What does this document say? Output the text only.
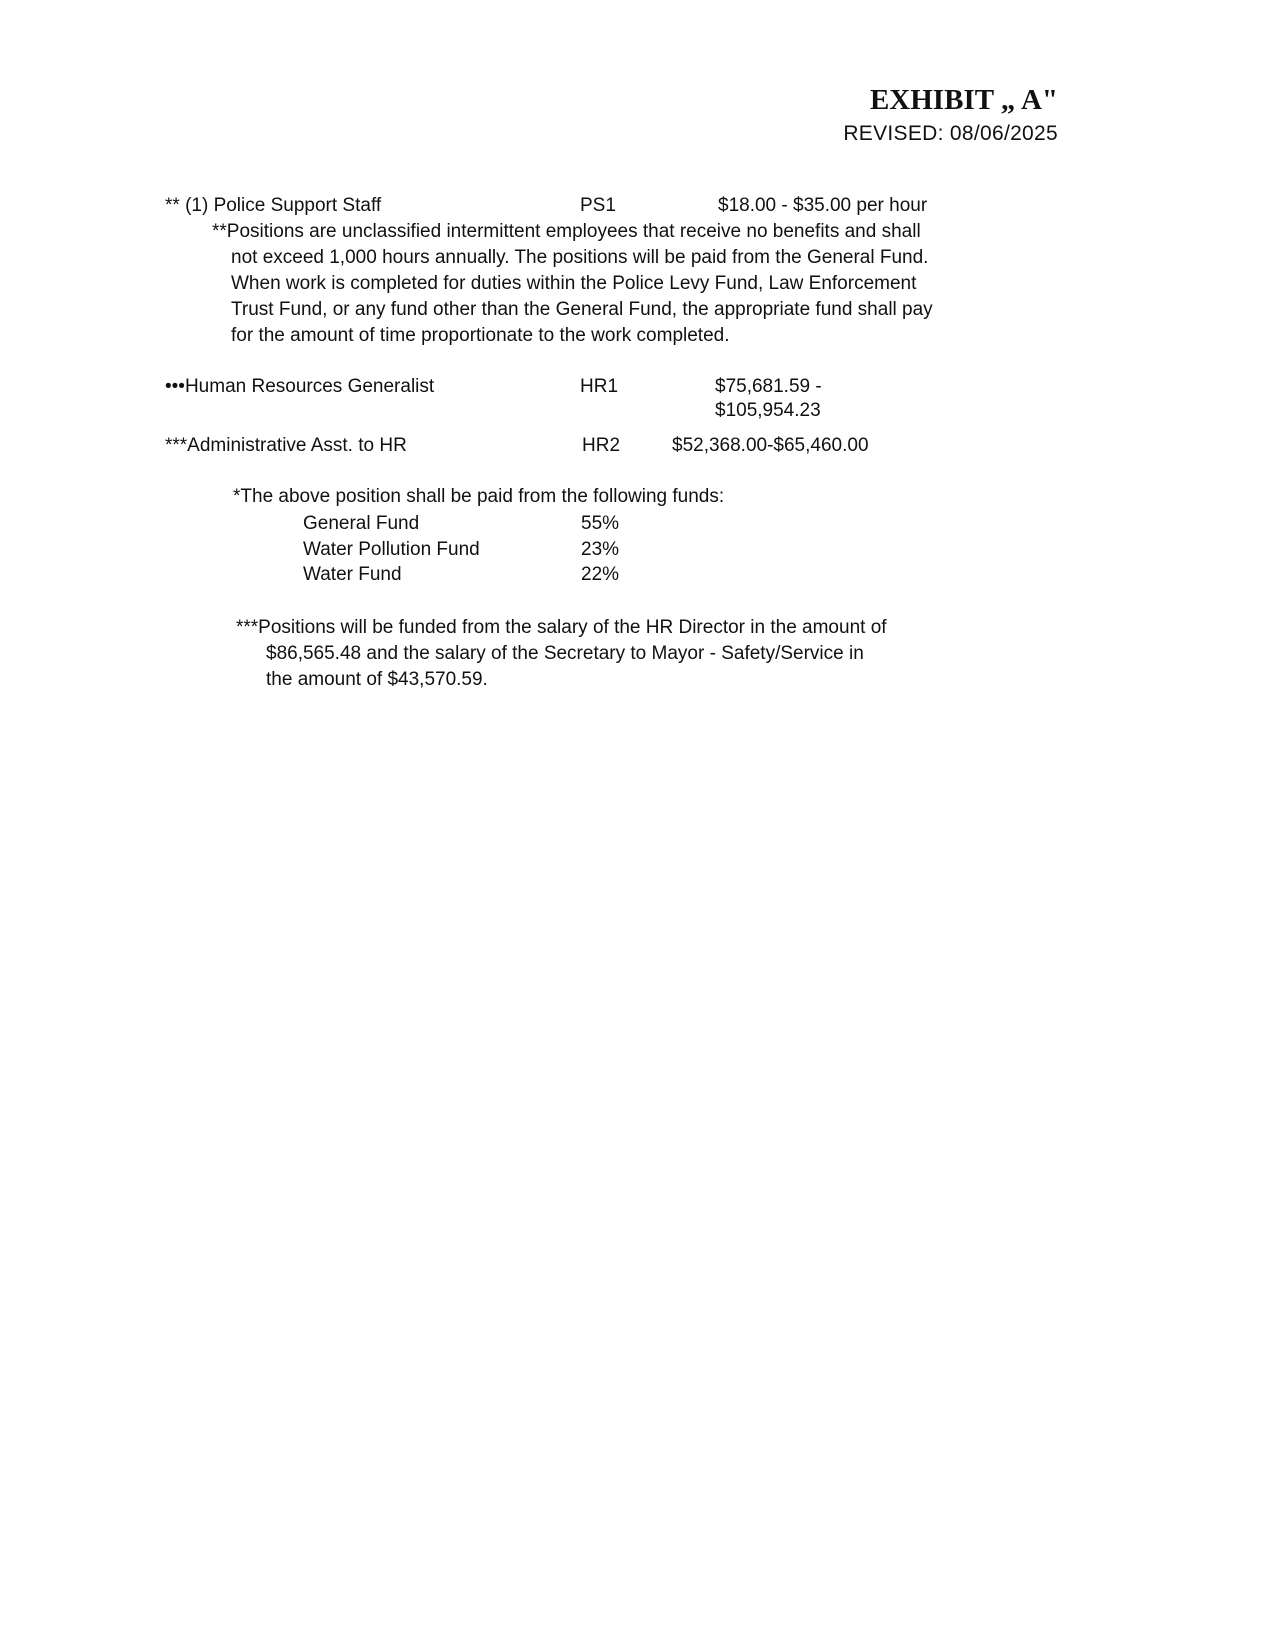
EXHIBIT „ A"
REVISED: 08/06/2025
** (1) Police Support Staff	PS1	$18.00 - $35.00 per hour
**Positions are unclassified intermittent employees that receive no benefits and shall
not exceed 1,000 hours annually. The positions will be paid from the General Fund.
When work is completed for duties within the Police Levy Fund, Law Enforcement
Trust Fund, or any fund other than the General Fund, the appropriate fund shall pay
for the amount of time proportionate to the work completed.
•••Human Resources Generalist	HR1	$75,681.59 -
$105,954.23
***Administrative Asst. to HR	HR2	$52,368.00-$65,460.00
*The above position shall be paid from the following funds:
General Fund	55%
Water Pollution Fund	23%
Water Fund	22%
***Positions will be funded from the salary of the HR Director in the amount of
$86,565.48 and the salary of the Secretary to Mayor - Safety/Service in
the amount of $43,570.59.
